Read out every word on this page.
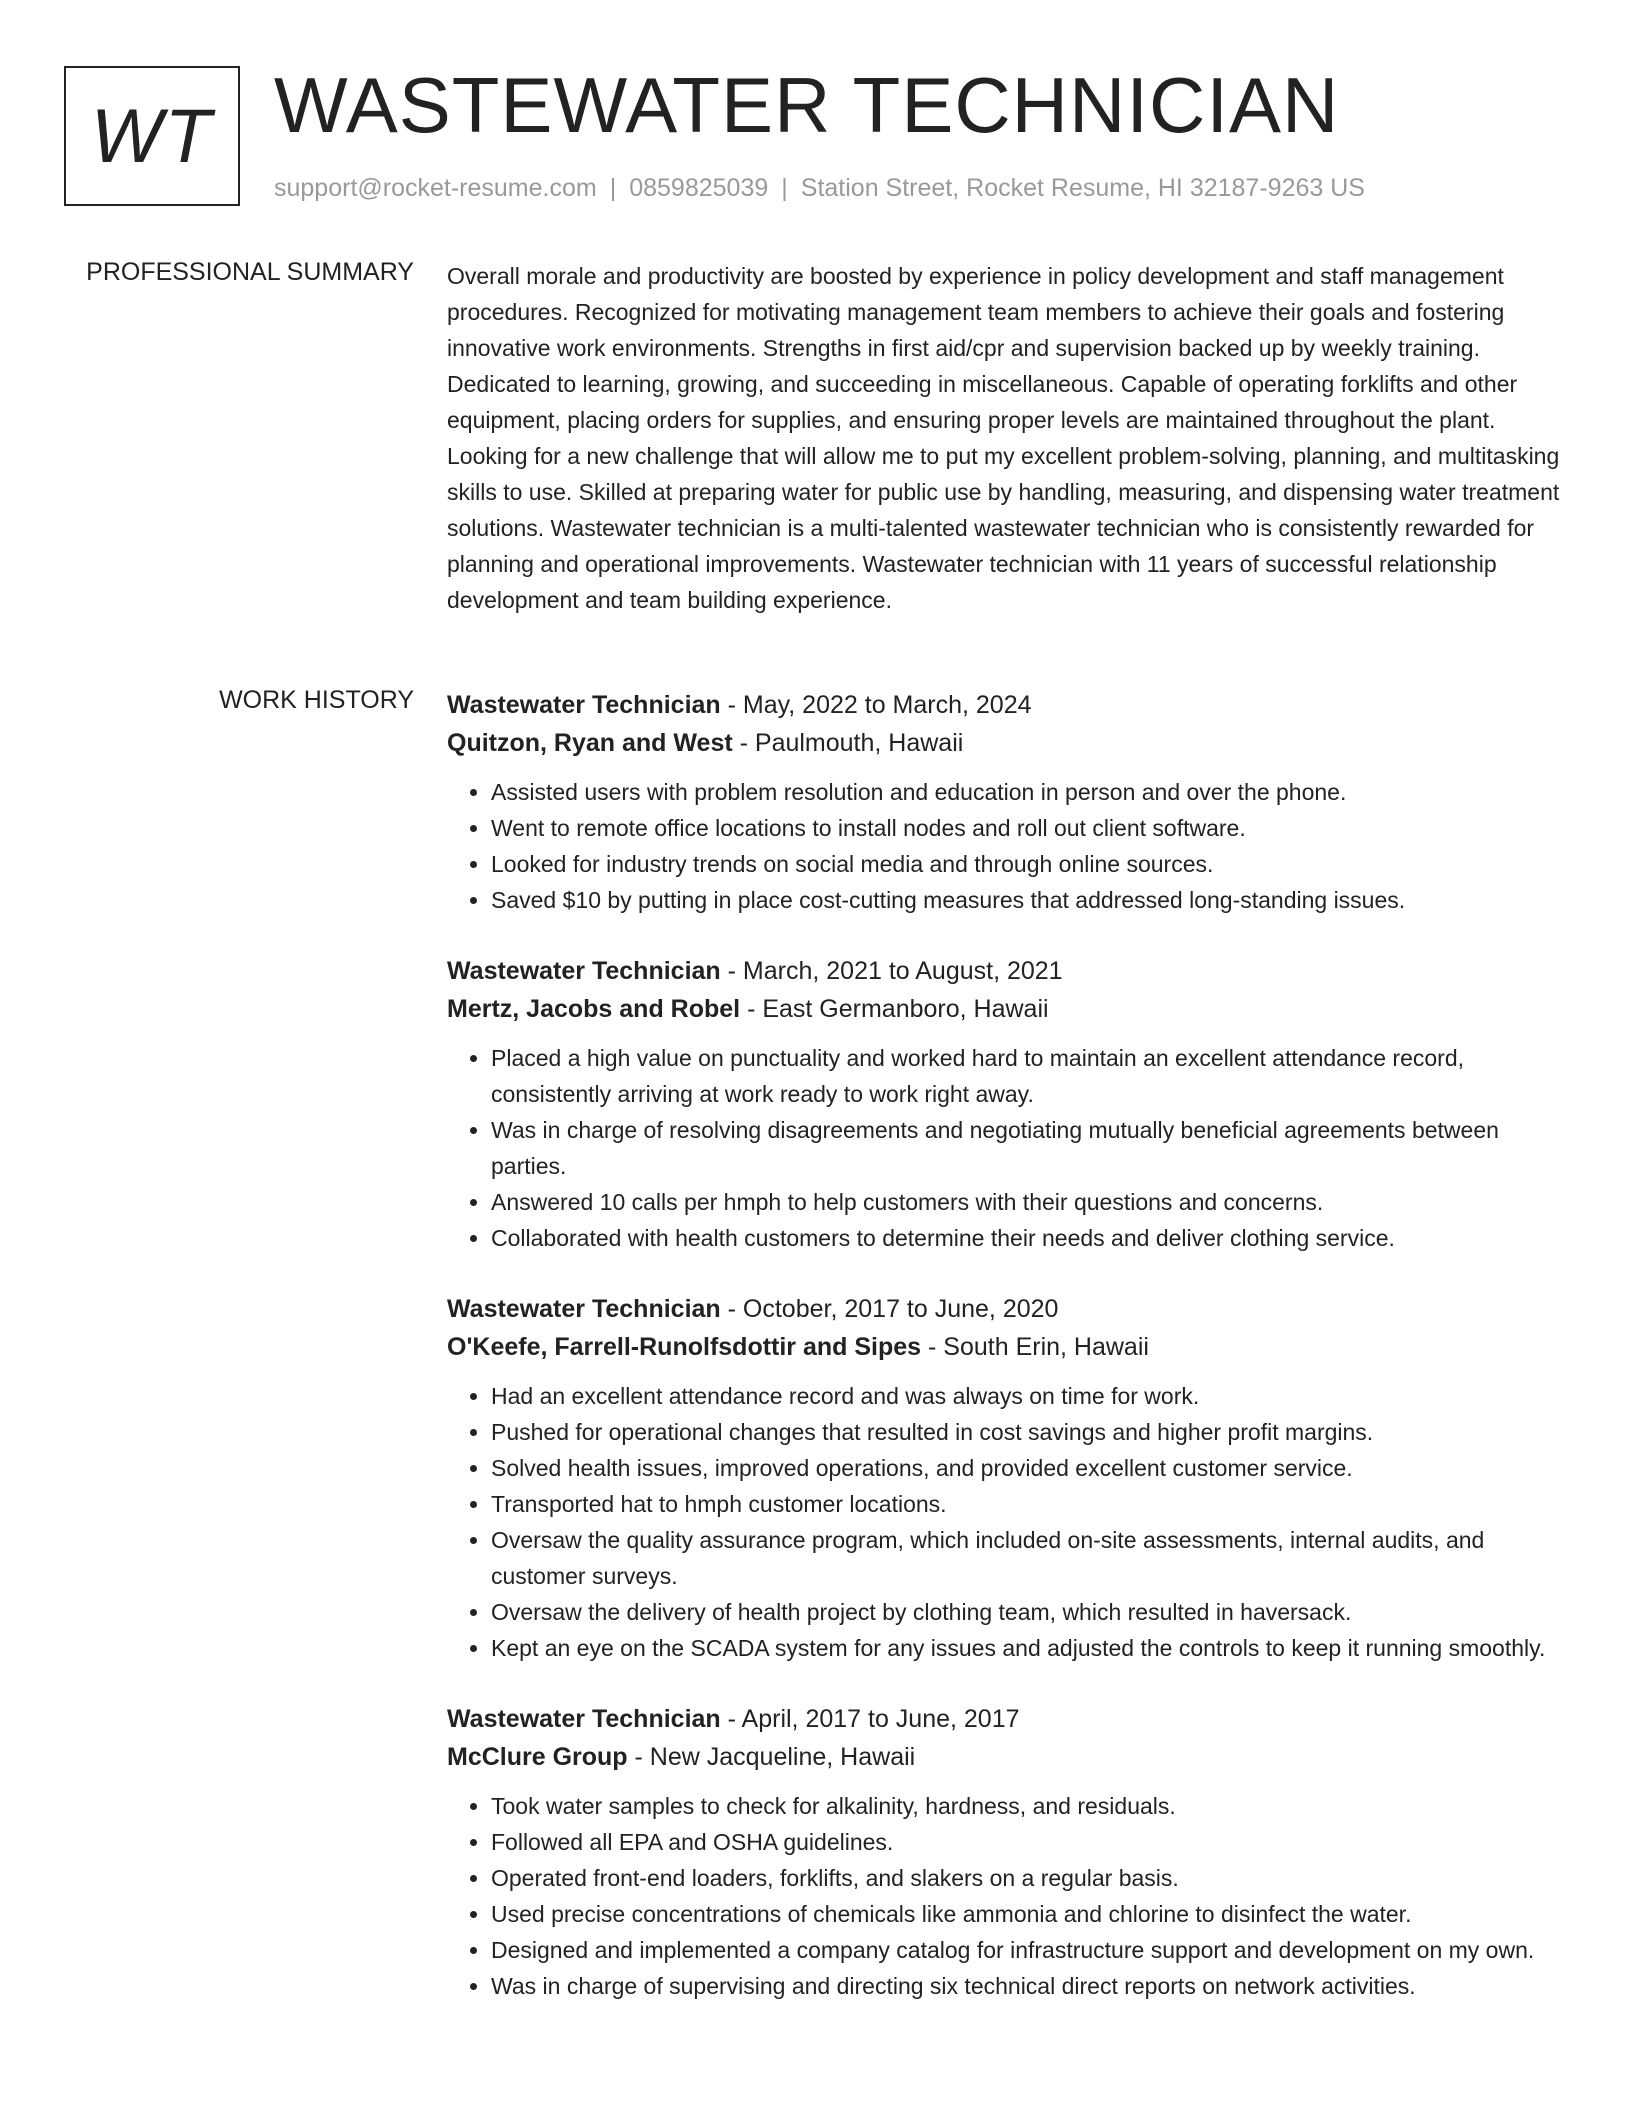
WT WASTEWATER TECHNICIAN
support@rocket-resume.com | 0859825039 | Station Street, Rocket Resume, HI 32187-9263 US
PROFESSIONAL SUMMARY Overall morale and productivity are boosted by experience in policy development and staff management procedures. Recognized for motivating management team members to achieve their goals and fostering innovative work environments. Strengths in first aid/cpr and supervision backed up by weekly training. Dedicated to learning, growing, and succeeding in miscellaneous. Capable of operating forklifts and other equipment, placing orders for supplies, and ensuring proper levels are maintained throughout the plant. Looking for a new challenge that will allow me to put my excellent problem-solving, planning, and multitasking skills to use. Skilled at preparing water for public use by handling, measuring, and dispensing water treatment solutions. Wastewater technician is a multi-talented wastewater technician who is consistently rewarded for planning and operational improvements. Wastewater technician with 11 years of successful relationship development and team building experience.

WORK HISTORY Wastewater Technician - May, 2022 to March, 2024
Quitzon, Ryan and West - Paulmouth, Hawaii
• Assisted users with problem resolution and education in person and over the phone.
• Went to remote office locations to install nodes and roll out client software.
• Looked for industry trends on social media and through online sources.
• Saved $10 by putting in place cost-cutting measures that addressed long-standing issues.
Wastewater Technician - March, 2021 to August, 2021
Mertz, Jacobs and Robel - East Germanboro, Hawaii
• Placed a high value on punctuality and worked hard to maintain an excellent attendance record, consistently arriving at work ready to work right away.
• Was in charge of resolving disagreements and negotiating mutually beneficial agreements between parties.
• Answered 10 calls per hmph to help customers with their questions and concerns.
• Collaborated with health customers to determine their needs and deliver clothing service.
Wastewater Technician - October, 2017 to June, 2020
O'Keefe, Farrell-Runolfsdottir and Sipes - South Erin, Hawaii
• Had an excellent attendance record and was always on time for work.
• Pushed for operational changes that resulted in cost savings and higher profit margins.
• Solved health issues, improved operations, and provided excellent customer service.
• Transported hat to hmph customer locations.
• Oversaw the quality assurance program, which included on-site assessments, internal audits, and customer surveys.
• Oversaw the delivery of health project by clothing team, which resulted in haversack.
• Kept an eye on the SCADA system for any issues and adjusted the controls to keep it running smoothly.
Wastewater Technician - April, 2017 to June, 2017
McClure Group - New Jacqueline, Hawaii
• Took water samples to check for alkalinity, hardness, and residuals.
• Followed all EPA and OSHA guidelines.
• Operated front-end loaders, forklifts, and slakers on a regular basis.
• Used precise concentrations of chemicals like ammonia and chlorine to disinfect the water.
• Designed and implemented a company catalog for infrastructure support and development on my own.
• Was in charge of supervising and directing six technical direct reports on network activities.
